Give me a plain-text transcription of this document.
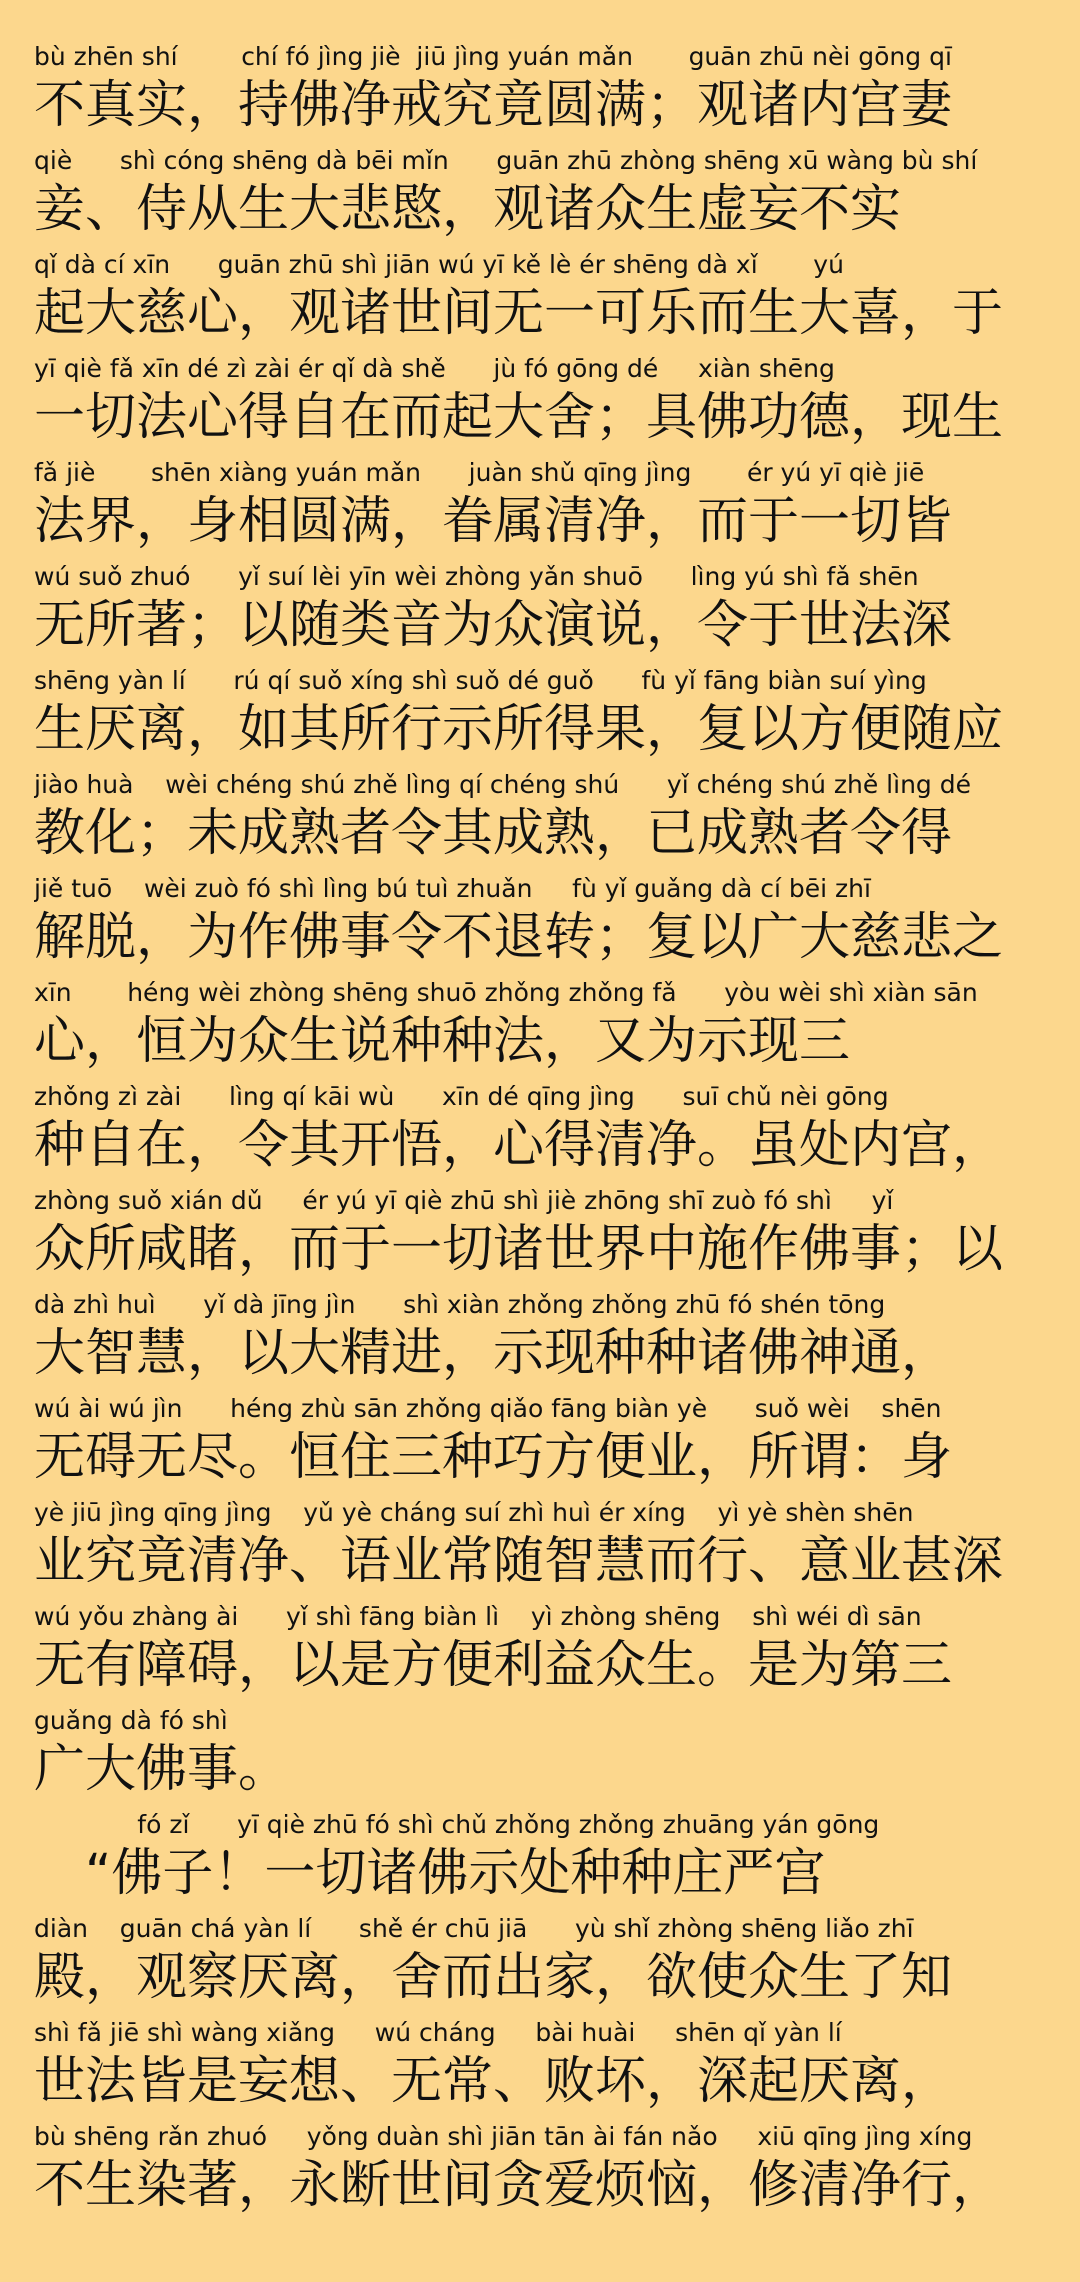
bù zhēn shí        chí fó jìng jiè  jiū jìng yuán mǎn       guān zhū nèi gōng qī
不真实，持佛净戒究竟圆满；观诸内宫妻
qiè      shì cóng shēng dà bēi mǐn      guān zhū zhòng shēng xū wàng bù shí
妾、侍从生大悲愍，观诸众生虚妄不实
qǐ dà cí xīn      guān zhū shì jiān wú yī kě lè ér shēng dà xǐ       yú
起大慈心，观诸世间无一可乐而生大喜，于
yī qiè fǎ xīn dé zì zài ér qǐ dà shě      jù fó gōng dé     xiàn shēng
一切法心得自在而起大舍；具佛功德，现生
fǎ jiè       shēn xiàng yuán mǎn      juàn shǔ qīng jìng       ér yú yī qiè jiē
法界，身相圆满，眷属清净，而于一切皆
wú suǒ zhuó      yǐ suí lèi yīn wèi zhòng yǎn shuō      lìng yú shì fǎ shēn
无所著；以随类音为众演说，令于世法深
shēng yàn lí      rú qí suǒ xíng shì suǒ dé guǒ      fù yǐ fāng biàn suí yìng
生厌离，如其所行示所得果，复以方便随应
jiào huà    wèi chéng shú zhě lìng qí chéng shú      yǐ chéng shú zhě lìng dé
教化；未成熟者令其成熟，已成熟者令得
jiě tuō    wèi zuò fó shì lìng bú tuì zhuǎn     fù yǐ guǎng dà cí bēi zhī
解脱，为作佛事令不退转；复以广大慈悲之
xīn       héng wèi zhòng shēng shuō zhǒng zhǒng fǎ      yòu wèi shì xiàn sān
心，恒为众生说种种法，又为示现三
zhǒng zì zài      lìng qí kāi wù      xīn dé qīng jìng      suī chǔ nèi gōng
种自在，令其开悟，心得清净。虽处内宫，
zhòng suǒ xián dǔ     ér yú yī qiè zhū shì jiè zhōng shī zuò fó shì     yǐ
众所咸睹，而于一切诸世界中施作佛事；以
dà zhì huì      yǐ dà jīng jìn      shì xiàn zhǒng zhǒng zhū fó shén tōng
大智慧，以大精进，示现种种诸佛神通，
wú ài wú jìn      héng zhù sān zhǒng qiǎo fāng biàn yè      suǒ wèi    shēn
无碍无尽。恒住三种巧方便业，所谓：身
yè jiū jìng qīng jìng    yǔ yè cháng suí zhì huì ér xíng    yì yè shèn shēn
业究竟清净、语业常随智慧而行、意业甚深
wú yǒu zhàng ài      yǐ shì fāng biàn lì    yì zhòng shēng    shì wéi dì sān
无有障碍，以是方便利益众生。是为第三
guǎng dà fó shì
广大佛事。
fó zǐ      yī qiè zhū fó shì chǔ zhǒng zhǒng zhuāng yán gōng
　“佛子！一切诸佛示处种种庄严宫
diàn    guān chá yàn lí      shě ér chū jiā      yù shǐ zhòng shēng liǎo zhī
殿，观察厌离，舍而出家，欲使众生了知
shì fǎ jiē shì wàng xiǎng     wú cháng     bài huài     shēn qǐ yàn lí
世法皆是妄想、无常、败坏，深起厌离，
bù shēng rǎn zhuó     yǒng duàn shì jiān tān ài fán nǎo     xiū qīng jìng xíng
不生染著，永断世间贪爱烦恼，修清净行，
